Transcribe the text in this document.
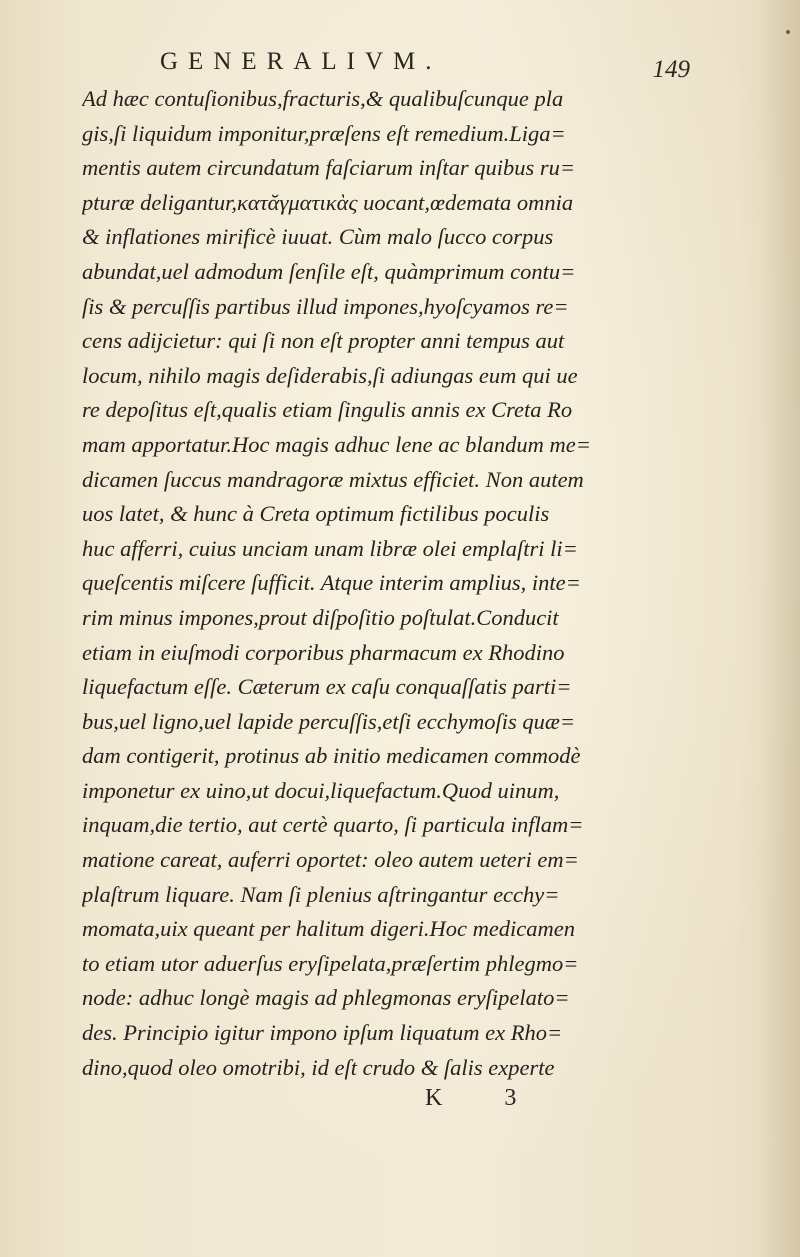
GENERALIVM.	149
Ad hæc contuſionibus,fracturis,& qualibuſcunque pla
gis,ſi liquidum imponitur,præſens eſt remedium.Liga=
mentis autem circundatum faſciarum inſtar quibus ru=
pturæ deligantur,κατᾰγματικὰς uocant,œdemata omnia
& inflationes mirificè iuuat. Cùm malo ſucco corpus
abundat,uel admodum ſenſile eſt, quàmprimum contu=
ſis & percuſſis partibus illud impones,hyoſcyamos re=
cens adijcietur: qui ſi non eſt propter anni tempus aut
locum, nihilo magis deſiderabis,ſi adiungas eum qui ue
re depoſitus eſt,qualis etiam ſingulis annis ex Creta Ro
mam apportatur.Hoc magis adhuc lene ac blandum me=
dicamen ſuccus mandragoræ mixtus efficiet. Non autem
uos latet, & hunc à Creta optimum fictilibus poculis
huc afferri, cuius unciam unam libræ olei emplaſtri li=
queſcentis miſcere ſufficit. Atque interim amplius, inte=
rim minus impones,prout diſpoſitio poſtulat.Conducit
etiam in eiuſmodi corporibus pharmacum ex Rhodino
liquefactum eſſe. Cæterum ex caſu conquaſſatis parti=
bus,uel ligno,uel lapide percuſſis,etſi ecchymoſis quæ=
dam contigerit, protinus ab initio medicamen commodè
imponetur ex uino,ut docui,liquefactum.Quod uinum,
inquam,die tertio, aut certè quarto, ſi particula inflam=
matione careat, auferri oportet: oleo autem ueteri em=
plaſtrum liquare. Nam ſi plenius aſtringantur ecchy=
momata,uix queant per halitum digeri.Hoc medicamen
to etiam utor aduerſus eryſipelata,præſertim phlegmo=
node: adhuc longè magis ad phlegmonas eryſipelato=
des. Principio igitur impono ipſum liquatum ex Rho=
dino,quod oleo omotribi, id eſt crudo & ſalis experte
K 3
